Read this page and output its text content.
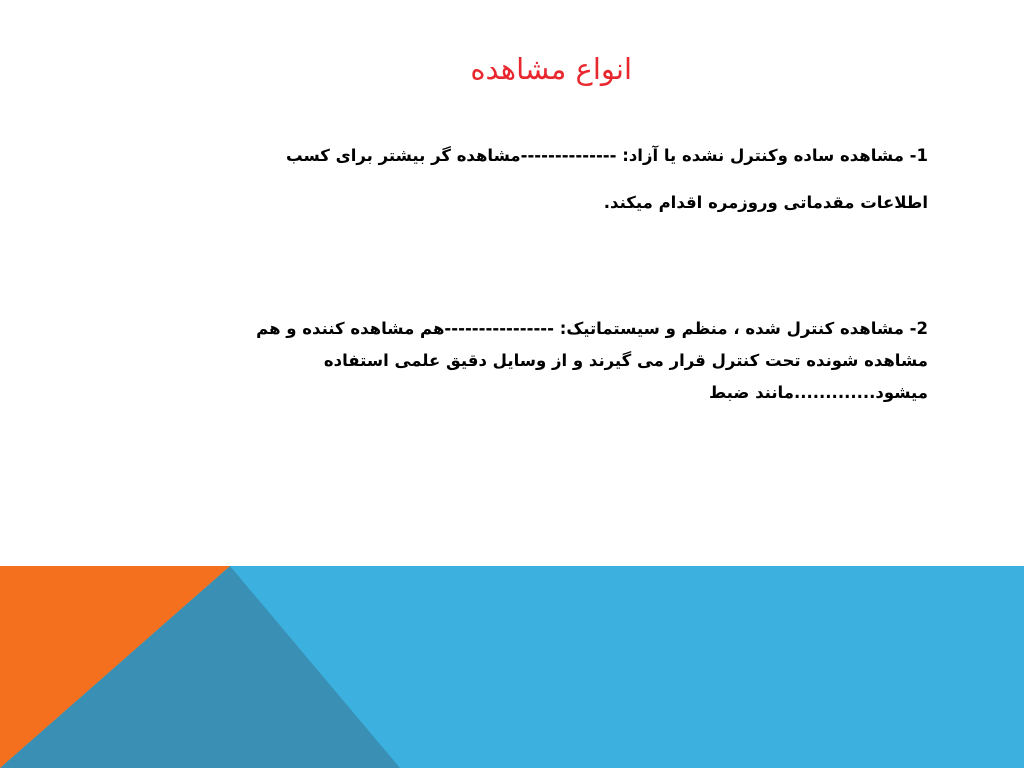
انواع مشاهده
1- مشاهده ساده وکنترل نشده یا آزاد: --------------مشاهده گر بیشتر برای کسب
اطلاعات مقدماتی وروزمره اقدام میکند.
2- مشاهده کنترل شده ، منظم و سیستماتیک: ----------------هم مشاهده کننده و هم
مشاهده شونده تحت کنترل قرار می گیرند و از وسایل دقیق علمی استفاده
میشود.............مانند ضبط
